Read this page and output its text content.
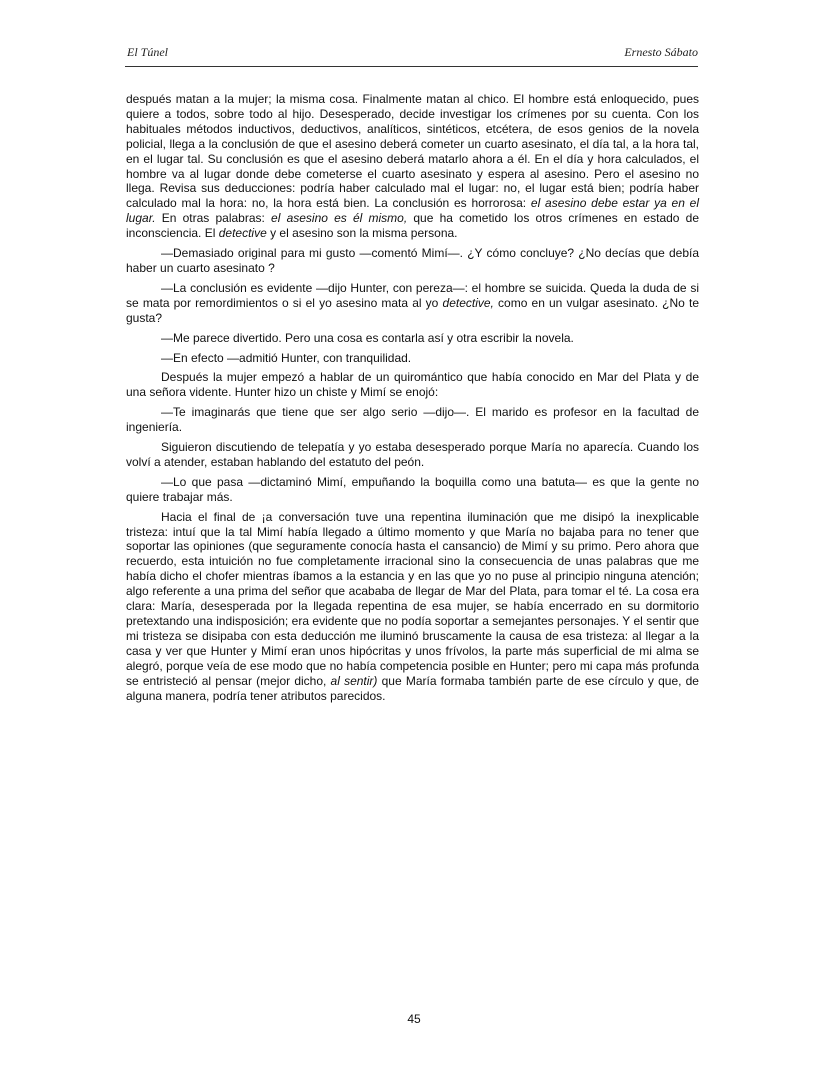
El Túnel	Ernesto Sábato

después matan a la mujer; la misma cosa. Finalmente matan al chico. El hombre está enloquecido, pues quiere a todos, sobre todo al hijo. Desesperado, decide investigar los crímenes por su cuenta. Con los habituales métodos inductivos, deductivos, analíticos, sintéticos, etcétera, de esos genios de la novela policial, llega a la conclusión de que el asesino deberá cometer un cuarto asesinato, el día tal, a la hora tal, en el lugar tal. Su conclusión es que el asesino deberá matarlo ahora a él. En el día y hora calculados, el hombre va al lugar donde debe cometerse el cuarto asesinato y espera al asesino. Pero el asesino no llega. Revisa sus deducciones: podría haber calculado mal el lugar: no, el lugar está bien; podría haber calculado mal la hora: no, la hora está bien. La conclusión es horrorosa: el asesino debe estar ya en el lugar. En otras palabras: el asesino es él mismo, que ha cometido los otros crímenes en estado de inconsciencia. El detective y el asesino son la misma persona.

—Demasiado original para mi gusto —comentó Mimí—. ¿Y cómo concluye? ¿No decías que debía haber un cuarto asesinato ?

—La conclusión es evidente —dijo Hunter, con pereza—: el hombre se suicida. Queda la duda de si se mata por remordimientos o si el yo asesino mata al yo detective, como en un vulgar asesinato. ¿No te gusta?

—Me parece divertido. Pero una cosa es contarla así y otra escribir la novela.

—En efecto —admitió Hunter, con tranquilidad.

Después la mujer empezó a hablar de un quiromántico que había conocido en Mar del Plata y de una señora vidente. Hunter hizo un chiste y Mimí se enojó:

—Te imaginarás que tiene que ser algo serio —dijo—. El marido es profesor en la facultad de ingeniería.

Siguieron discutiendo de telepatía y yo estaba desesperado porque María no aparecía. Cuando los volví a atender, estaban hablando del estatuto del peón.

—Lo que pasa —dictaminó Mimí, empuñando la boquilla como una batuta— es que la gente no quiere trabajar más.

Hacia el final de ¡a conversación tuve una repentina iluminación que me disipó la inexplicable tristeza: intuí que la tal Mimí había llegado a último momento y que María no bajaba para no tener que soportar las opiniones (que seguramente conocía hasta el cansancio) de Mimí y su primo. Pero ahora que recuerdo, esta intuición no fue completamente irracional sino la consecuencia de unas palabras que me había dicho el chofer mientras íbamos a la estancia y en las que yo no puse al principio ninguna atención; algo referente a una prima del señor que acababa de llegar de Mar del Plata, para tomar el té. La cosa era clara: María, desesperada por la llegada repentina de esa mujer, se había encerrado en su dormitorio pretextando una indisposición; era evidente que no podía soportar a semejantes personajes. Y el sentir que mi tristeza se disipaba con esta deducción me iluminó bruscamente la causa de esa tristeza: al llegar a la casa y ver que Hunter y Mimí eran unos hipócritas y unos frívolos, la parte más superficial de mi alma se alegró, porque veía de ese modo que no había competencia posible en Hunter; pero mi capa más profunda se entristeció al pensar (mejor dicho, al sentir) que María formaba también parte de ese círculo y que, de alguna manera, podría tener atributos parecidos.

45
